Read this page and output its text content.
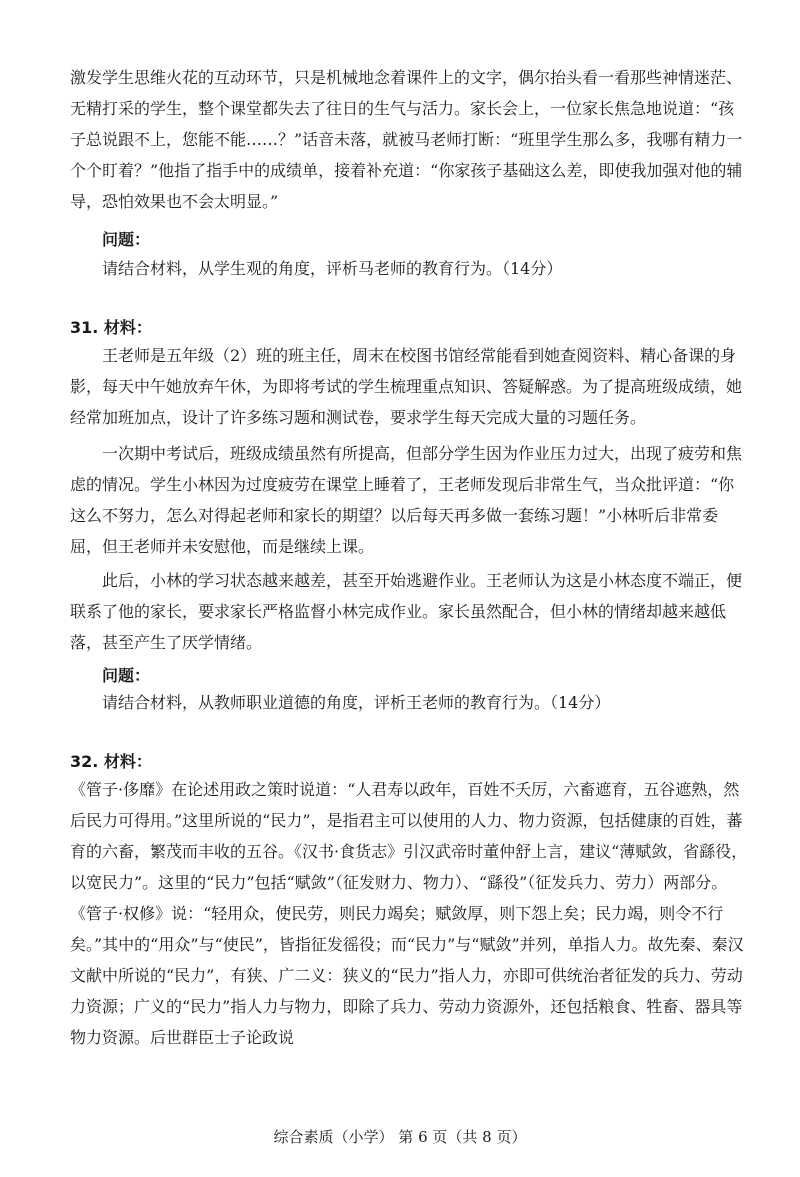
激发学生思维火花的互动环节，只是机械地念着课件上的文字，偶尔抬头看一看那些神情迷茫、无精打采的学生，整个课堂都失去了往日的生气与活力。家长会上，一位家长焦急地说道：“孩子总说跟不上，您能不能……？”话音未落，就被马老师打断：“班里学生那么多，我哪有精力一个个盯着？”他指了指手中的成绩单，接着补充道：“你家孩子基础这么差，即使我加强对他的辅导，恐怕效果也不会太明显。”

问题：

请结合材料，从学生观的角度，评析马老师的教育行为。（14分）

31. 材料：

王老师是五年级（2）班的班主任，周末在校图书馆经常能看到她查阅资料、精心备课的身影，每天中午她放弃午休，为即将考试的学生梳理重点知识、答疑解惑。为了提高班级成绩，她经常加班加点，设计了许多练习题和测试卷，要求学生每天完成大量的习题任务。

一次期中考试后，班级成绩虽然有所提高，但部分学生因为作业压力过大，出现了疲劳和焦虑的情况。学生小林因为过度疲劳在课堂上睡着了，王老师发现后非常生气，当众批评道：“你这么不努力，怎么对得起老师和家长的期望？以后每天再多做一套练习题！”小林听后非常委屈，但王老师并未安慰他，而是继续上课。

此后，小林的学习状态越来越差，甚至开始逃避作业。王老师认为这是小林态度不端正，便联系了他的家长，要求家长严格监督小林完成作业。家长虽然配合，但小林的情绪却越来越低落，甚至产生了厌学情绪。

问题：

请结合材料，从教师职业道德的角度，评析王老师的教育行为。（14分）

32. 材料：

《管子·侈靡》在论述用政之策时说道：“人君寿以政年，百姓不夭厉，六畜遮育，五谷遮熟，然后民力可得用。”这里所说的“民力”，是指君主可以使用的人力、物力资源，包括健康的百姓，蕃育的六畜，繁茂而丰收的五谷。《汉书·食货志》引汉武帝时董仲舒上言，建议“薄赋敛，省繇役，以宽民力”。这里的“民力”包括“赋敛”（征发财力、物力）、“繇役”（征发兵力、劳力）两部分。《管子·权修》说：“轻用众，使民劳，则民力竭矣；赋敛厚，则下怨上矣；民力竭，则令不行矣。”其中的“用众”与“使民”，皆指征发徭役；而“民力”与“赋敛”并列，单指人力。故先秦、秦汉文献中所说的“民力”，有狭、广二义：狭义的“民力”指人力，亦即可供统治者征发的兵力、劳动力资源；广义的“民力”指人力与物力，即除了兵力、劳动力资源外，还包括粮食、牲畜、器具等物力资源。后世群臣士子论政说

综合素质（小学） 第 6 页（共 8 页）
